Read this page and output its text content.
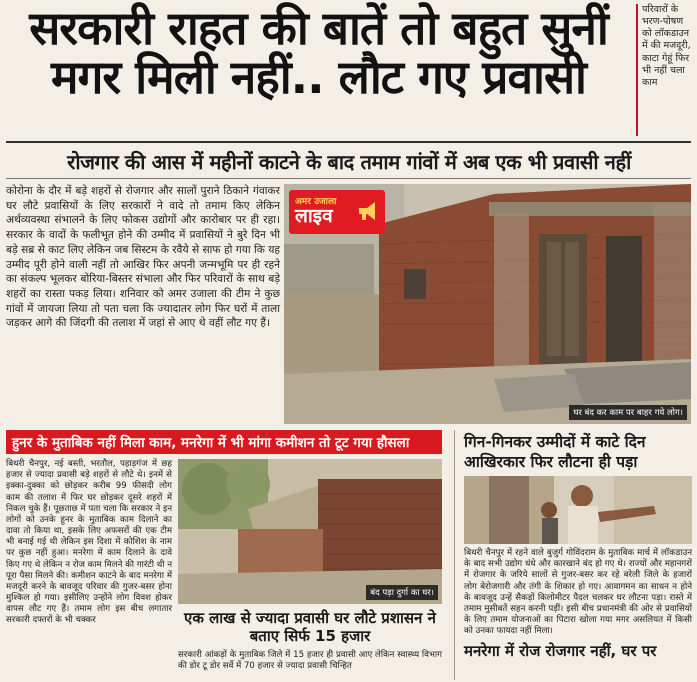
सरकारी राहत की बातें तो बहुत सुनीं
मगर मिली नहीं.. लौट गए प्रवासी
परिवारों के भरण-पोषण को लॉकडाउन में की मजदूरी, काटा गेहूं फिर भी नहीं चला काम
रोजगार की आस में महीनों काटने के बाद तमाम गांवों में अब एक भी प्रवासी नहीं
कोरोना के दौर में बड़े शहरों से रोजगार और सालों पुराने ठिकाने गंवाकर घर लौटे प्रवासियों के लिए सरकारों ने वादे तो तमाम किए लेकिन अर्थव्यवस्था संभालने के लिए फोकस उद्योगों और कारोबार पर ही रहा। सरकार के वादों के फलीभूत होने की उम्मीद में प्रवासियों ने बुरे दिन भी बड़े सब्र से काट लिए लेकिन जब सिस्टम के रवैये से साफ हो गया कि यह उम्मीद पूरी होने वाली नहीं तो आखिर फिर अपनी जन्मभूमि पर ही रहने का संकल्प भूलकर बोरिया-बिस्तर संभाला और फिर परिवारों के साथ बड़े शहरों का रास्ता पकड़ लिया। शनिवार को अमर उजाला की टीम ने कुछ गांवों में जायजा लिया तो पता चला कि ज्यादातर लोग फिर घरों में ताला जड़कर आगे की जिंदगी की तलाश में जहां से आए थे वहीं लौट गए हैं।
घर बंद कर काम पर बाहर गये लोग।
अमर उजाला
लाइव
हुनर के मुताबिक नहीं मिला काम, मनरेगा में भी मांगा कमीशन तो टूट गया हौसला
बिथरी चैनपुर, नई बस्ती, भरतौल, पहाड़गंज में छह हजार से ज्यादा प्रवासी बड़े शहरों से लौटे थे। इनमें से इक्का-दुक्का को छोड़कर करीब 99 फीसदी लोग काम की तलाश में फिर घर छोड़कर दूसरे शहरों में निकल चुके हैं। पूछताछ में पता चला कि सरकार ने इन लोगों को उनके हुनर के मुताबिक काम दिलाने का दावा तो किया था, इसके लिए अफसरों की एक टीम भी बनाई गई थी लेकिन इस दिशा में कोशिश के नाम पर कुछ नहीं हुआ। मनरेगा में काम दिलाने के दावे किए गए थे लेकिन न रोज काम मिलने की गारंटी थी न पूरा पैसा मिलने की। कमीशन काटने के बाद मनरेगा में मजदूरी करने के बावजूद परिवार की गुजर-बसर होना मुश्किल हो गया। इसीलिए उन्होंने लोग विवश होकर वापस लौट गए हैं। तमाम लोग इस बीच लगातार सरकारी दफ्तरों के भी चक्कर
बंद पड़ा दुर्गा का घर।
एक लाख से ज्यादा प्रवासी घर लौटे प्रशासन ने बताए सिर्फ 15 हजार
सरकारी आंकड़ों के मुताबिक जिले में 15 हजार ही प्रवासी आए लेकिन स्वास्थ्य विभाग की डोर टू डोर सर्वे में 70 हजार से ज्यादा प्रवासी चिन्हित
गिन-गिनकर उम्मीदों में काटे दिन आखिरकार फिर लौटना ही पड़ा
बिथरी चैनपुर में रहने वाले बुजुर्ग गोविंदराम के मुताबिक मार्च में लॉकडाउन के बाद सभी उद्योग धंधे और कारखाने बंद हो गए थे। राज्यों और महानगरों में रोजगार के जरिये सालों से गुजर-बसर कर रहे बरेली जिले के हजारों लोग बेरोजगारी और तंगी के शिकार हो गए। आवागमन का साधन न होने के बावजूद उन्हें सैकड़ों किलोमीटर पैदल चलकर घर लौटना पड़ा। रास्ते में तमाम मुसीबतें सहन करनी पड़ीं। इसी बीच प्रधानमंत्री की ओर से प्रवासियों के लिए तमाम योजनाओं का पिटारा खोला गया मगर असलियत में किसी को उनका फायदा नहीं मिला।
मनरेगा में रोज रोजगार नहीं, घर पर
